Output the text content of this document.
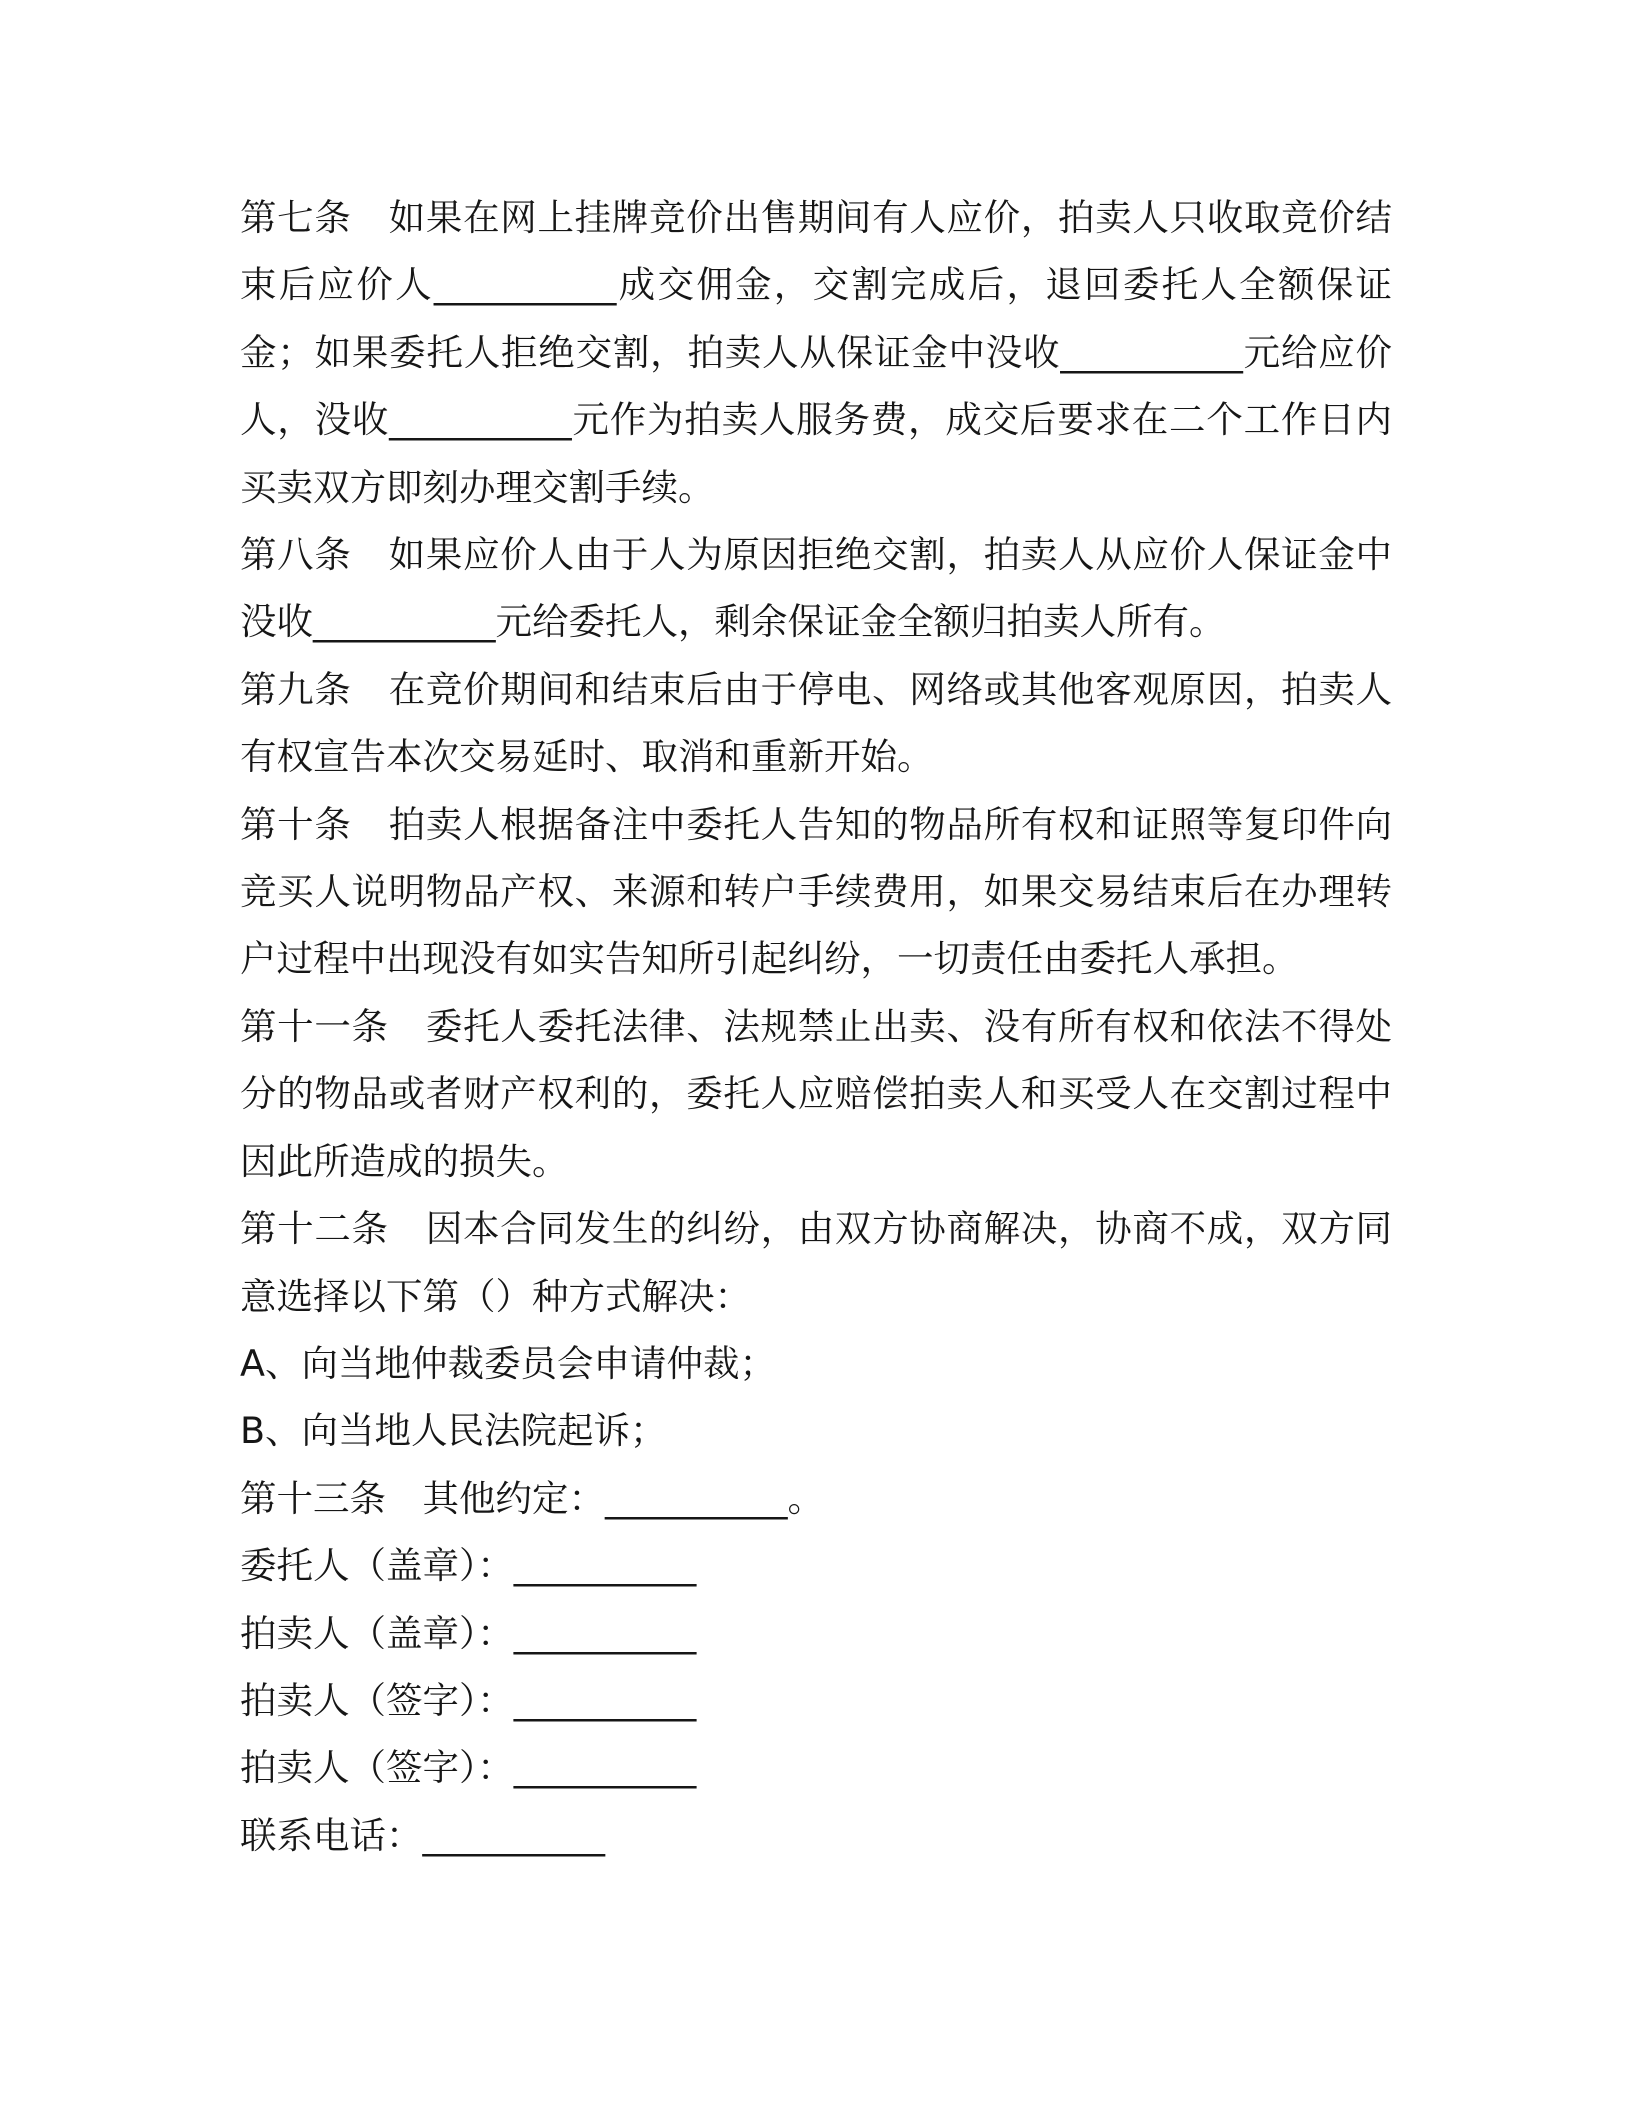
第七条　如果在网上挂牌竞价出售期间有人应价，拍卖人只收取竞价结束后应价人__________成交佣金，交割完成后，退回委托人全额保证金；如果委托人拒绝交割，拍卖人从保证金中没收__________元给应价人，没收__________元作为拍卖人服务费，成交后要求在二个工作日内买卖双方即刻办理交割手续。

第八条　如果应价人由于人为原因拒绝交割，拍卖人从应价人保证金中没收__________元给委托人，剩余保证金全额归拍卖人所有。

第九条　在竞价期间和结束后由于停电、网络或其他客观原因，拍卖人有权宣告本次交易延时、取消和重新开始。

第十条　拍卖人根据备注中委托人告知的物品所有权和证照等复印件向竞买人说明物品产权、来源和转户手续费用，如果交易结束后在办理转户过程中出现没有如实告知所引起纠纷，一切责任由委托人承担。

第十一条　委托人委托法律、法规禁止出卖、没有所有权和依法不得处分的物品或者财产权利的，委托人应赔偿拍卖人和买受人在交割过程中因此所造成的损失。

第十二条　因本合同发生的纠纷，由双方协商解决，协商不成，双方同意选择以下第（）种方式解决：

A、向当地仲裁委员会申请仲裁；

B、向当地人民法院起诉；

第十三条　其他约定：__________。

委托人（盖章）：__________

拍卖人（盖章）：__________

拍卖人（签字）：__________

拍卖人（签字）：__________

联系电话：__________
